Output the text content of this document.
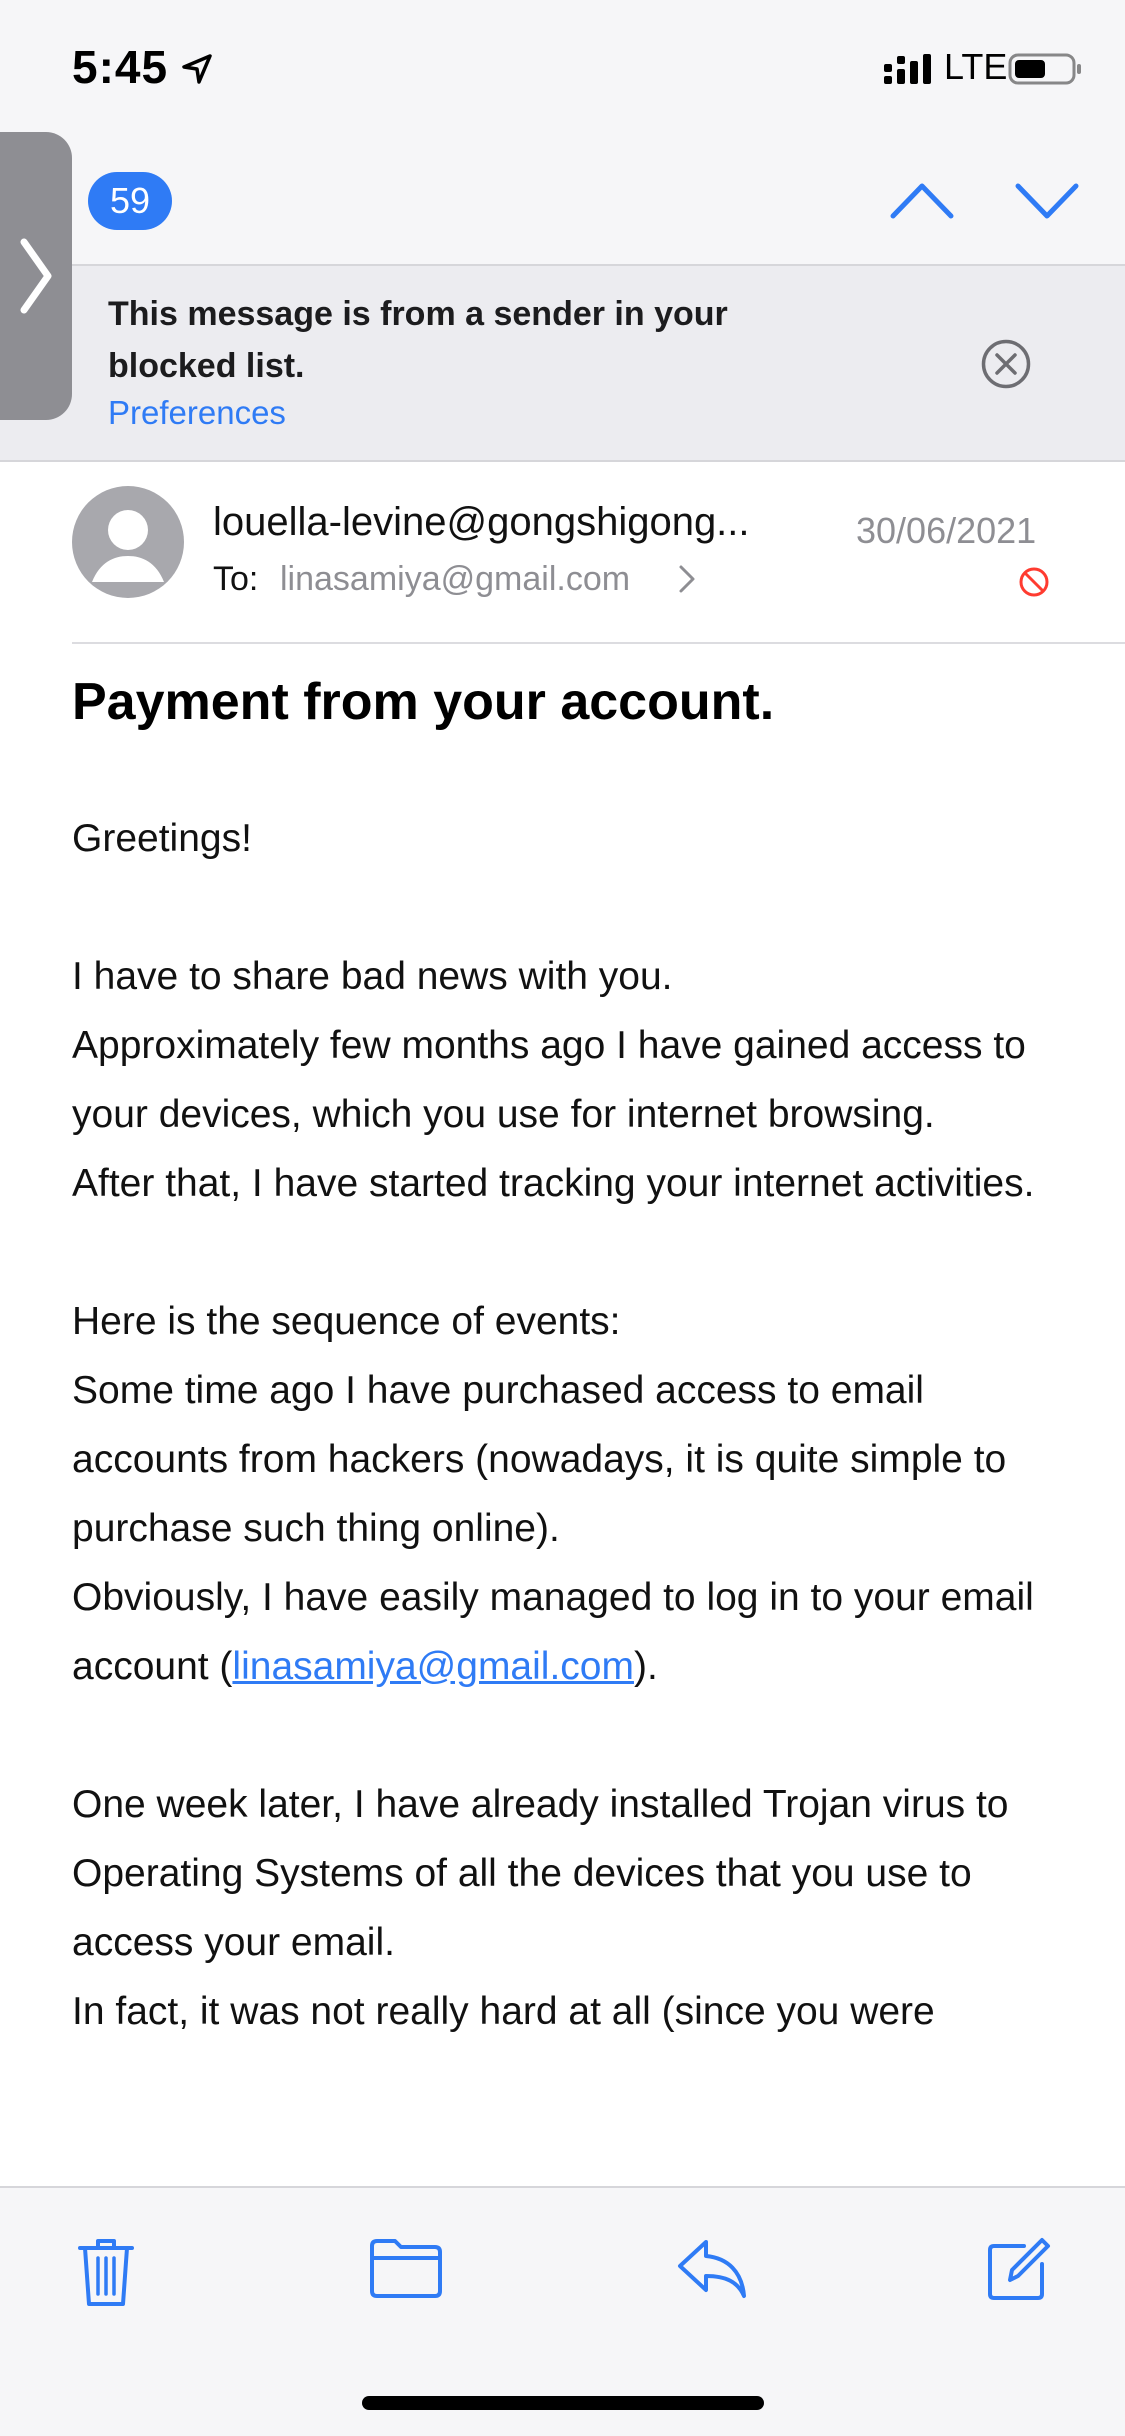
5:45	LTE
59
This message is from a sender in your blocked list.
Preferences
louella-levine@gongshigong...	30/06/2021
To: linasamiya@gmail.com
Payment from your account.

Greetings!

I have to share bad news with you.

Approximately few months ago I have gained access to your devices, which you use for internet browsing.

After that, I have started tracking your internet activities.

Here is the sequence of events:

Some time ago I have purchased access to email accounts from hackers (nowadays, it is quite simple to purchase such thing online).

Obviously, I have easily managed to log in to your email account (linasamiya@gmail.com).

One week later, I have already installed Trojan virus to Operating Systems of all the devices that you use to access your email.

In fact, it was not really hard at all (since you were
